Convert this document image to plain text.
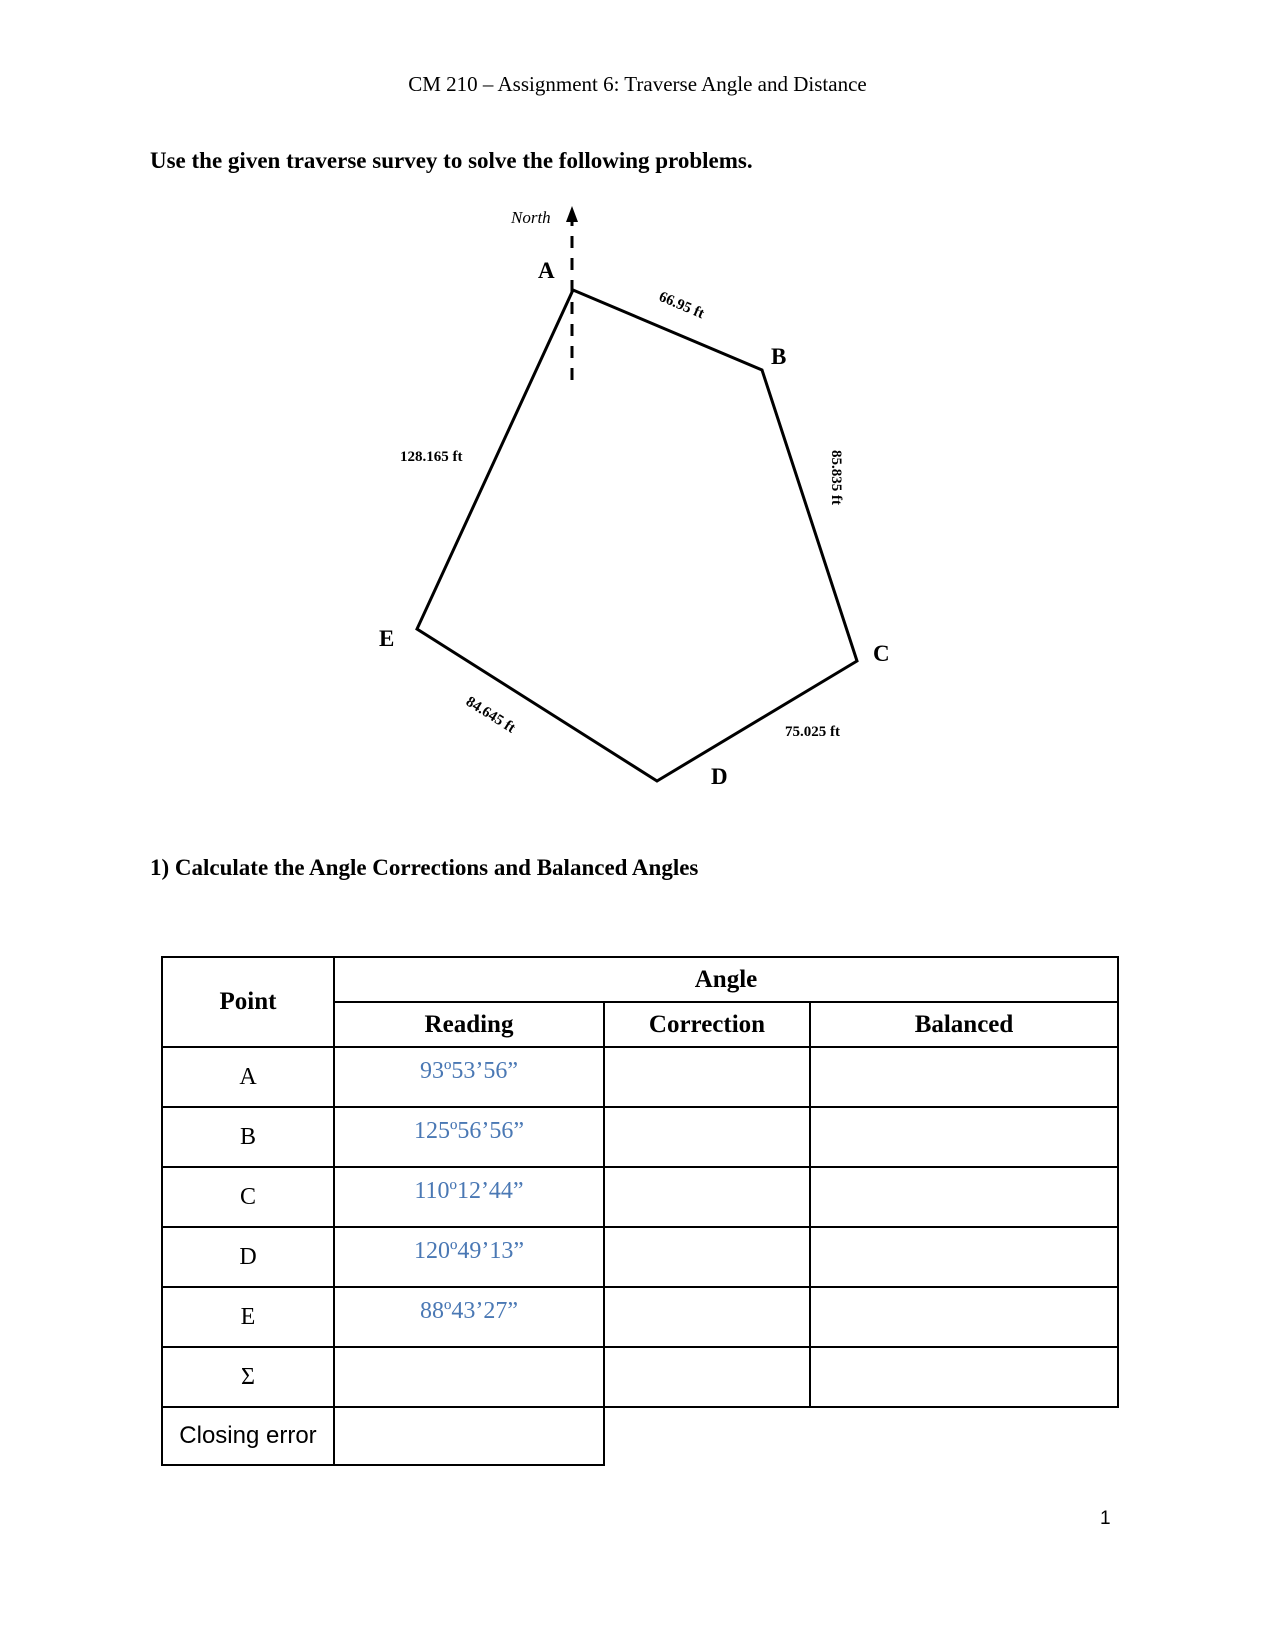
CM 210 – Assignment 6: Traverse Angle and Distance
Use the given traverse survey to solve the following problems.
North
A
B
C
D
E
66.95 ft
85.835 ft
75.025 ft
84.645 ft
128.165 ft
1) Calculate the Angle Corrections and Balanced Angles
Point	Angle		
	Reading	Correction	Balanced
A	93º53’56”		
B	125º56’56”		
C	110º12’44”		
D	120º49’13”		
E	88º43’27”		
Σ			
Closing error			
1
